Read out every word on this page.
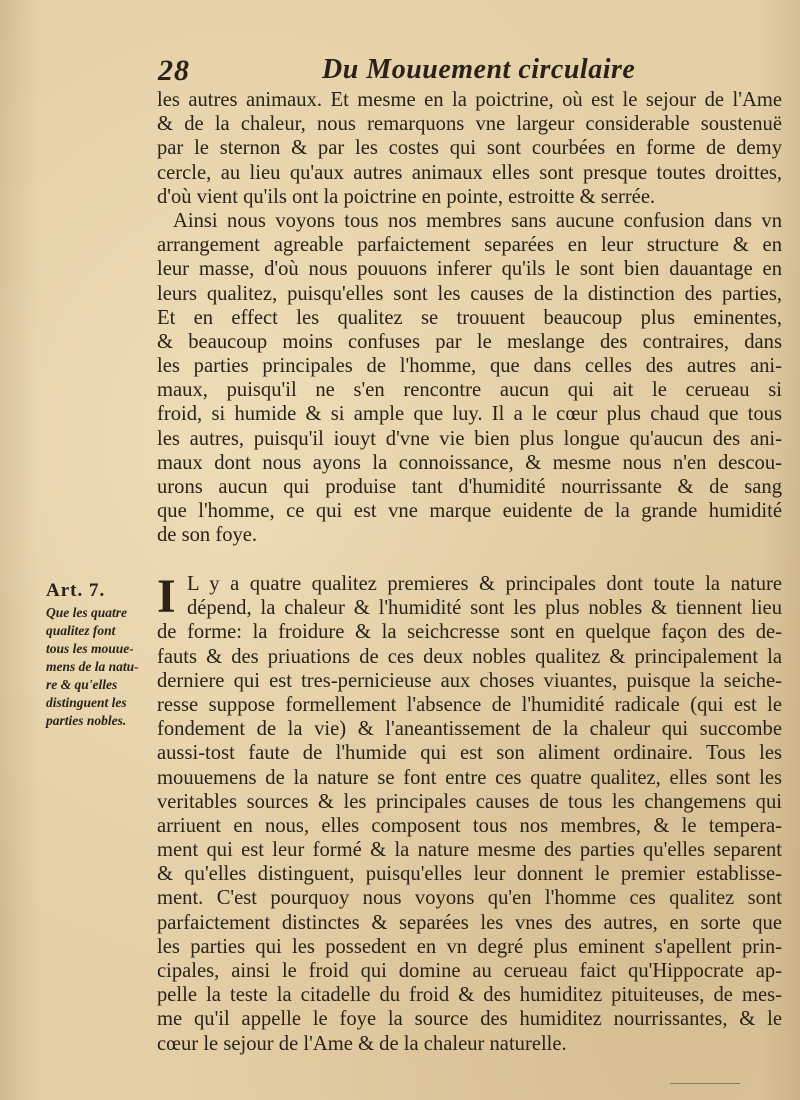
28	Du Mouuement circulaire
les autres animaux. Et mesme en la poictrine, où est le sejour de l'Ame
& de la chaleur, nous remarquons vne largeur considerable soustenuë
par le sternon & par les costes qui sont courbées en forme de demy
cercle, au lieu qu'aux autres animaux elles sont presque toutes droittes,
d'où vient qu'ils ont la poictrine en pointe, estroitte & serrée.
Ainsi nous voyons tous nos membres sans aucune confusion dans vn
arrangement agreable parfaictement separées en leur structure & en
leur masse, d'où nous pouuons inferer qu'ils le sont bien dauantage en
leurs qualitez, puisqu'elles sont les causes de la distinction des parties,
Et en effect les qualitez se trouuent beaucoup plus eminentes,
& beaucoup moins confuses par le meslange des contraires, dans
les parties principales de l'homme, que dans celles des autres ani-
maux, puisqu'il ne s'en rencontre aucun qui ait le cerueau si
froid, si humide & si ample que luy. Il a le cœur plus chaud que tous
les autres, puisqu'il iouyt d'vne vie bien plus longue qu'aucun des ani-
maux dont nous ayons la connoissance, & mesme nous n'en descou-
urons aucun qui produise tant d'humidité nourrissante & de sang
que l'homme, ce qui est vne marque euidente de la grande humidité
de son foye.
Art. 7.
Que les quatre
qualitez font
tous les mouue-
mens de la natu-
re & qu'elles
distinguent les
parties nobles.
I L y a quatre qualitez premieres & principales dont toute la nature
dépend, la chaleur & l'humidité sont les plus nobles & tiennent lieu
de forme: la froidure & la seichcresse sont en quelque façon des de-
fauts & des priuations de ces deux nobles qualitez & principalement la
derniere qui est tres-pernicieuse aux choses viuantes, puisque la seiche-
resse suppose formellement l'absence de l'humidité radicale (qui est le
fondement de la vie) & l'aneantissement de la chaleur qui succombe
aussi-tost faute de l'humide qui est son aliment ordinaire. Tous les
mouuemens de la nature se font entre ces quatre qualitez, elles sont les
veritables sources & les principales causes de tous les changemens qui
arriuent en nous, elles composent tous nos membres, & le tempera-
ment qui est leur formé & la nature mesme des parties qu'elles separent
& qu'elles distinguent, puisqu'elles leur donnent le premier establisse-
ment. C'est pourquoy nous voyons qu'en l'homme ces qualitez sont
parfaictement distinctes & separées les vnes des autres, en sorte que
les parties qui les possedent en vn degré plus eminent s'apellent prin-
cipales, ainsi le froid qui domine au cerueau faict qu'Hippocrate ap-
pelle la teste la citadelle du froid & des humiditez pituiteuses, de mes-
me qu'il appelle le foye la source des humiditez nourrissantes, & le
cœur le sejour de l'Ame & de la chaleur naturelle.
